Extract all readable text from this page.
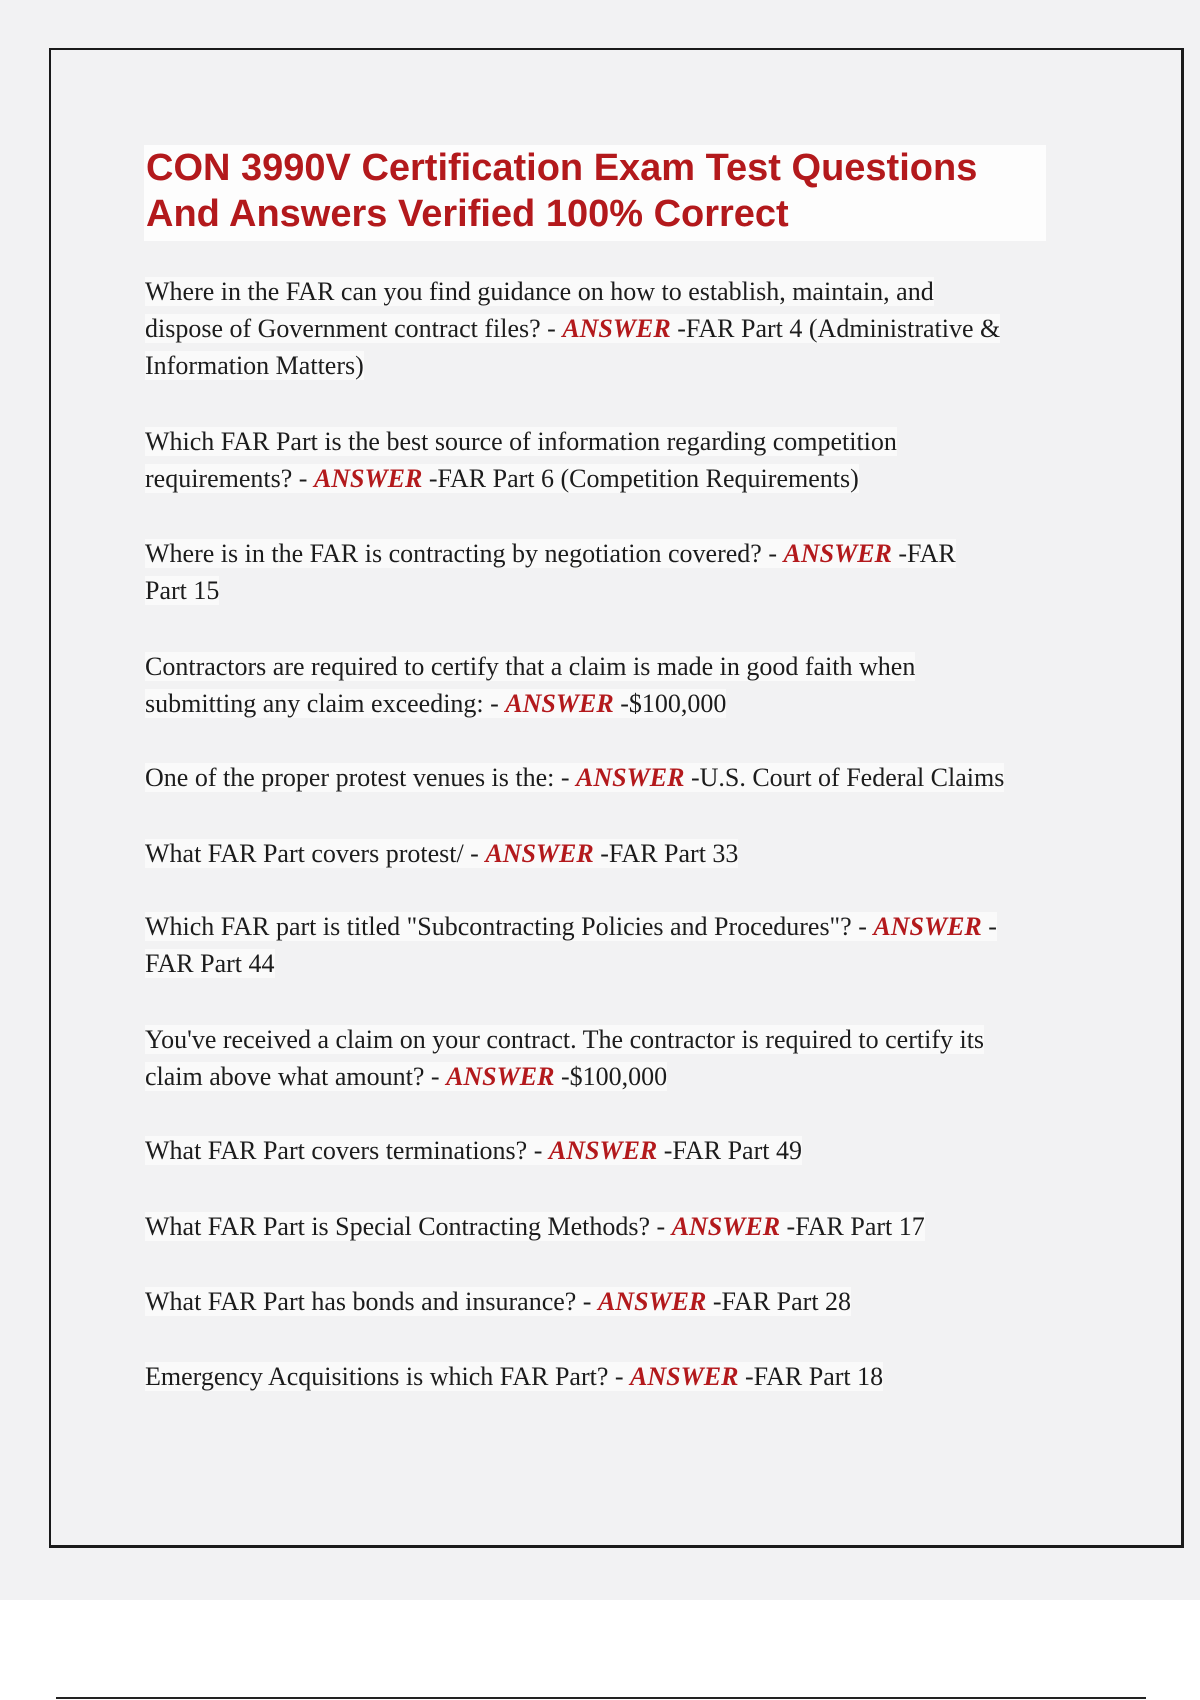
CON 3990V Certification Exam Test Questions
And Answers Verified 100% Correct
Where in the FAR can you find guidance on how to establish, maintain, and
dispose of Government contract files? - ANSWER -FAR Part 4 (Administrative &
Information Matters)
Which FAR Part is the best source of information regarding competition
requirements? - ANSWER -FAR Part 6 (Competition Requirements)
Where is in the FAR is contracting by negotiation covered? - ANSWER -FAR
Part 15
Contractors are required to certify that a claim is made in good faith when
submitting any claim exceeding: - ANSWER -$100,000
One of the proper protest venues is the: - ANSWER -U.S. Court of Federal Claims
What FAR Part covers protest/ - ANSWER -FAR Part 33
Which FAR part is titled "Subcontracting Policies and Procedures"? - ANSWER -
FAR Part 44
You've received a claim on your contract. The contractor is required to certify its
claim above what amount? - ANSWER -$100,000
What FAR Part covers terminations? - ANSWER -FAR Part 49
What FAR Part is Special Contracting Methods? - ANSWER -FAR Part 17
What FAR Part has bonds and insurance? - ANSWER -FAR Part 28
Emergency Acquisitions is which FAR Part? - ANSWER -FAR Part 18
